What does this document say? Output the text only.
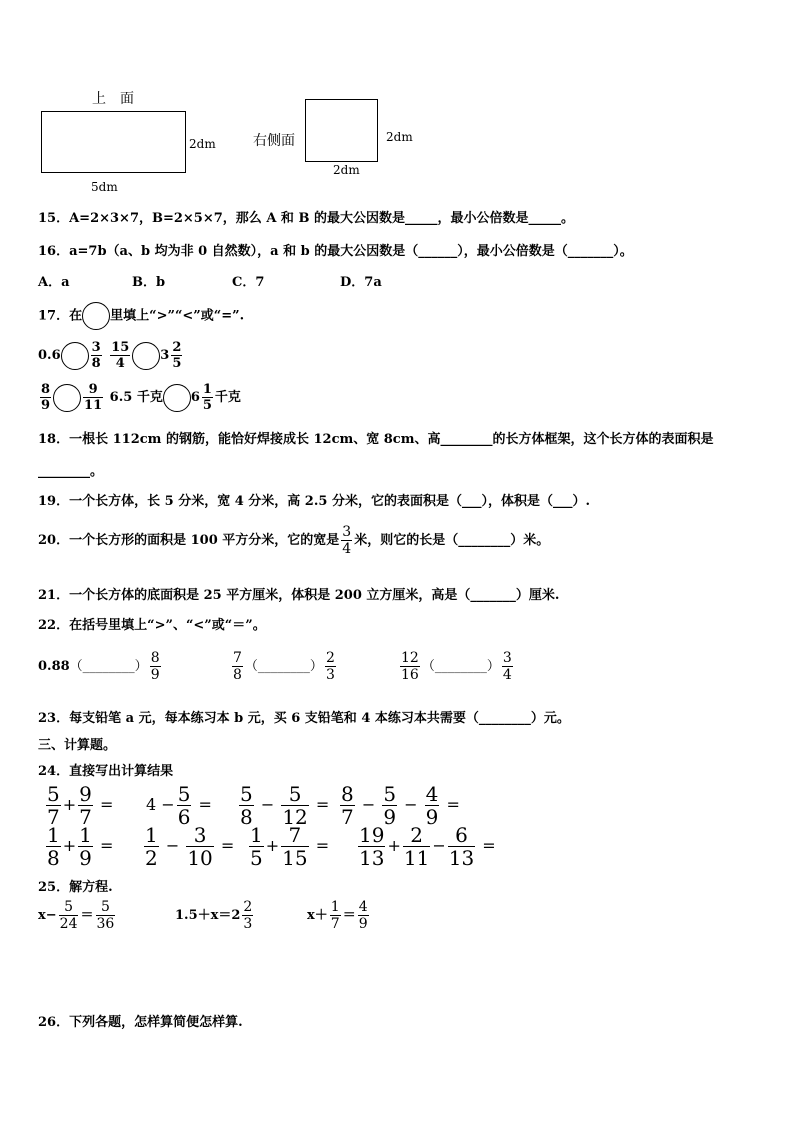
上　面
2dm
5dm
右侧面	2dm
2dm
15．A=2×3×7，B=2×5×7，那么 A 和 B 的最大公因数是_____，最小公倍数是_____。
16．a=7b（a、b 均为非 0 自然数），a 和 b 的最大公因数是（______），最小公倍数是（_______）。
A．a	B．b	C．7	D．7a
17．在 里填上“>”“<”或“=”.
$0.6 \frac{3}{8}$
$\frac{15}{4} 3 \frac{2}{5}$
$\frac{8}{9} \frac{9}{11} 6.5$ 千克 $6 \frac{1}{5}$ 千克
18．一根长 112cm 的钢筋，能恰好焊接成长 12cm、宽 8cm、高________的长方体框架，这个长方体的表面积是
________。
19．一个长方体，长 5 分米，宽 4 分米，高 2.5 分米，它的表面积是（___），体积是（___）.
20．一个长方形的面积是 100 平方分米，它的宽是 $\frac{3}{4}$ 米，则它的长是（________）米。
21．一个长方体的底面积是 25 平方厘米，体积是 200 立方厘米，高是（_______）厘米.
22．在括号里填上“>”、“<”或“＝”。
0.88（________） $\frac{8}{9}$	$\frac{7}{8}$ （________） $\frac{2}{3}$	$\frac{12}{16}$ （________） $\frac{3}{4}$
23．每支铅笔 a 元，每本练习本 b 元，买 6 支铅笔和 4 本练习本共需要（________）元。
三、计算题。
24．直接写出计算结果
$\frac{5}{7} + \frac{9}{7} = 4 - \frac{5}{6} = \frac{5}{8} - \frac{5}{12} = \frac{8}{7} - \frac{5}{9} - \frac{4}{9}$ =
$\frac{1}{8} + \frac{1}{9} = \frac{1}{2} - \frac{3}{10} = \frac{1}{5} + \frac{7}{15} = \frac{19}{13} + \frac{2}{11} - \frac{6}{13}$ =
25．解方程.
$x- \frac{5}{24} = \frac{5}{36}$	$1.5+x=2 \frac{2}{3}$	$x+ \frac{1}{7} = \frac{4}{9}$
26．下列各题，怎样算简便怎样算.
